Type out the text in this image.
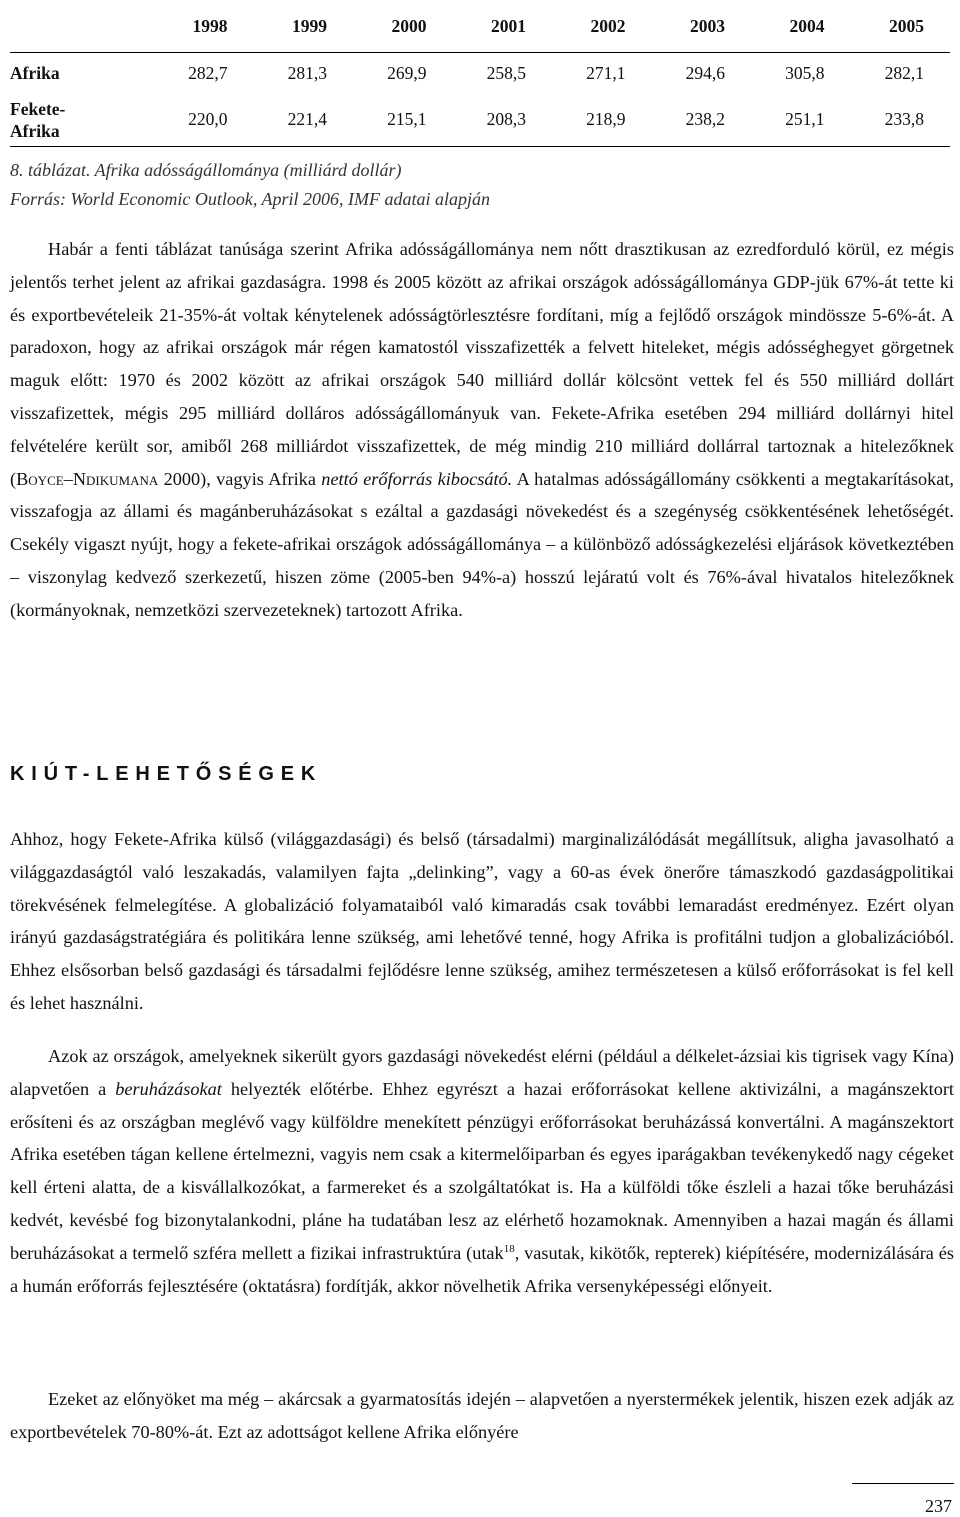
	1998	1999	2000	2001	2002	2003	2004	2005
Afrika	282,7	281,3	269,9	258,5	271,1	294,6	305,8	282,1
Fekete-
Afrika	220,0	221,4	215,1	208,3	218,9	238,2	251,1	233,8
8. táblázat. Afrika adósságállománya (milliárd dollár)
Forrás: World Economic Outlook, April 2006, IMF adatai alapján

Habár a fenti táblázat tanúsága szerint Afrika adósságállománya nem nőtt drasztikusan az ezredforduló körül, ez mégis jelentős terhet jelent az afrikai gazdaságra. 1998 és 2005 között az afrikai országok adósságállománya GDP-jük 67%-át tette ki és exportbevételeik 21-35%-át voltak kénytelenek adósságtörlesztésre fordítani, míg a fejlődő országok mindössze 5-6%-át. A paradoxon, hogy az afrikai országok már régen kamatostól visszafizették a felvett hiteleket, mégis adósséghegyet görgetnek maguk előtt: 1970 és 2002 között az afrikai országok 540 milliárd dollár kölcsönt vettek fel és 550 milliárd dollárt visszafizettek, mégis 295 milliárd dolláros adósságállományuk van. Fekete-Afrika esetében 294 milliárd dollárnyi hitel felvételére került sor, amiből 268 milliárdot visszafizettek, de még mindig 210 milliárd dollárral tartoznak a hitelezőknek (Boyce–Ndikumana 2000), vagyis Afrika nettó erőforrás kibocsátó. A hatalmas adósságállomány csökkenti a megtakarításokat, visszafogja az állami és magánberuházásokat s ezáltal a gazdasági növekedést és a szegénység csökkentésének lehetőségét. Csekély vigaszt nyújt, hogy a fekete-afrikai országok adósságállománya – a különböző adósságkezelési eljárások következtében – viszonylag kedvező szerkezetű, hiszen zöme (2005-ben 94%-a) hosszú lejáratú volt és 76%-ával hivatalos hitelezőknek (kormányoknak, nemzetközi szervezeteknek) tartozott Afrika.

KIÚT-LEHETŐSÉGEK

Ahhoz, hogy Fekete-Afrika külső (világgazdasági) és belső (társadalmi) marginalizálódását megállítsuk, aligha javasolható a világgazdaságtól való leszakadás, valamilyen fajta „delinking”, vagy a 60-as évek önerőre támaszkodó gazdaságpolitikai törekvésének felmelegítése. A globalizáció folyamataiból való kimaradás csak további lemaradást eredményez. Ezért olyan irányú gazdaságstratégiára és politikára lenne szükség, ami lehetővé tenné, hogy Afrika is profitálni tudjon a globalizációból. Ehhez elsősorban belső gazdasági és társadalmi fejlődésre lenne szükség, amihez természetesen a külső erőforrásokat is fel kell és lehet használni.

Azok az országok, amelyeknek sikerült gyors gazdasági növekedést elérni (például a délkelet-ázsiai kis tigrisek vagy Kína) alapvetően a beruházásokat helyezték előtérbe. Ehhez egyrészt a hazai erőforrásokat kellene aktivizálni, a magánszektort erősíteni és az országban meglévő vagy külföldre menekített pénzügyi erőforrásokat beruházássá konvertálni. A magánszektort Afrika esetében tágan kellene értelmezni, vagyis nem csak a kitermelőiparban és egyes iparágakban tevékenykedő nagy cégeket kell érteni alatta, de a kisvállalkozókat, a farmereket és a szolgáltatókat is. Ha a külföldi tőke észleli a hazai tőke beruházási kedvét, kevésbé fog bizonytalankodni, pláne ha tudatában lesz az elérhető hozamoknak. Amennyiben a hazai magán és állami beruházásokat a termelő szféra mellett a fizikai infrastruktúra (utak$^{18}$, vasutak, kikötők, repterek) kiépítésére, modernizálására és a humán erőforrás fejlesztésére (oktatásra) fordítják, akkor növelhetik Afrika versenyképességi előnyeit.

Ezeket az előnyöket ma még – akárcsak a gyarmatosítás idején – alapvetően a nyerstermékek jelentik, hiszen ezek adják az exportbevételek 70-80%-át. Ezt az adottságot kellene Afrika előnyére

237
